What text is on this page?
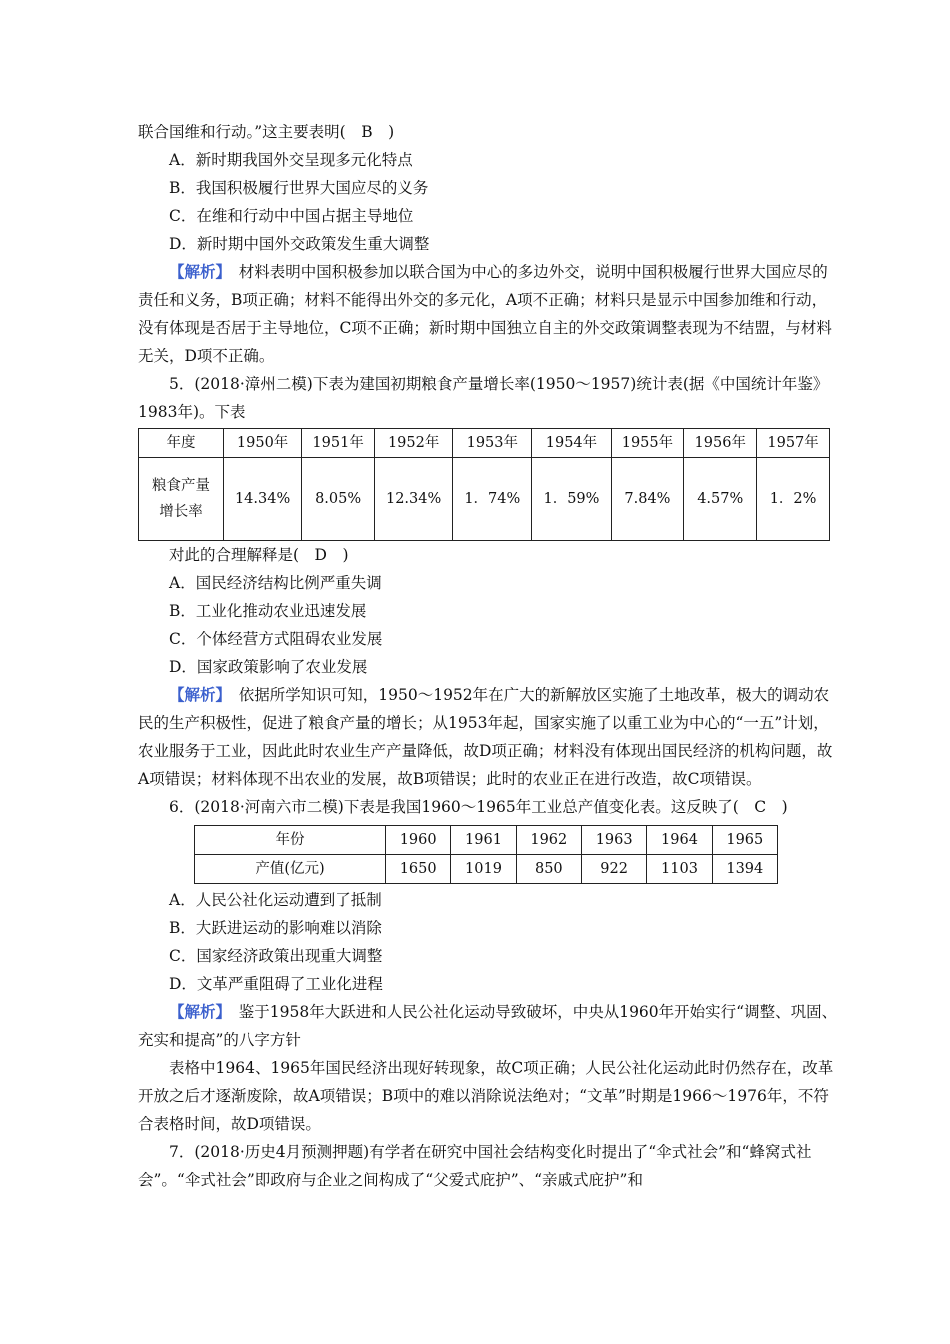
联合国维和行动。”这主要表明(　B　)

A．新时期我国外交呈现多元化特点

B．我国积极履行世界大国应尽的义务

C．在维和行动中中国占据主导地位

D．新时期中国外交政策发生重大调整

【解析】　材料表明中国积极参加以联合国为中心的多边外交，说明中国积极履行世界大国应尽的责任和义务，B项正确；材料不能得出外交的多元化，A项不正确；材料只是显示中国参加维和行动，没有体现是否居于主导地位，C项不正确；新时期中国独立自主的外交政策调整表现为不结盟，与材料无关，D项不正确。

5．(2018·漳州二模)下表为建国初期粮食产量增长率(1950～1957)统计表(据《中国统计年鉴》1983年)。下表

年度	1950年	1951年	1952年	1953年	1954年	1955年	1956年	1957年
粮食产量增长率	14.34%	8.05%	12.34%	1．74%	1．59%	7.84%	4.57%	1．2%

对此的合理解释是(　D　)

A．国民经济结构比例严重失调

B．工业化推动农业迅速发展

C．个体经营方式阻碍农业发展

D．国家政策影响了农业发展

【解析】　依据所学知识可知，1950～1952年在广大的新解放区实施了土地改革，极大的调动农民的生产积极性，促进了粮食产量的增长；从1953年起，国家实施了以重工业为中心的“一五”计划，农业服务于工业，因此此时农业生产产量降低，故D项正确；材料没有体现出国民经济的机构问题，故A项错误；材料体现不出农业的发展，故B项错误；此时的农业正在进行改造，故C项错误。

6．(2018·河南六市二模)下表是我国1960～1965年工业总产值变化表。这反映了(　C　)

年份	1960	1961	1962	1963	1964	1965
产值(亿元)	1650	1019	850	922	1103	1394

A．人民公社化运动遭到了抵制

B．大跃进运动的影响难以消除

C．国家经济政策出现重大调整

D．文革严重阻碍了工业化进程

【解析】　鉴于1958年大跃进和人民公社化运动导致破坏，中央从1960年开始实行“调整、巩固、充实和提高”的八字方针

表格中1964、1965年国民经济出现好转现象，故C项正确；人民公社化运动此时仍然存在，改革开放之后才逐渐废除，故A项错误；B项中的难以消除说法绝对；“文革”时期是1966～1976年，不符合表格时间，故D项错误。

7．(2018·历史4月预测押题)有学者在研究中国社会结构变化时提出了“伞式社会”和“蜂窝式社会”。“伞式社会”即政府与企业之间构成了“父爱式庇护”、“亲戚式庇护”和
